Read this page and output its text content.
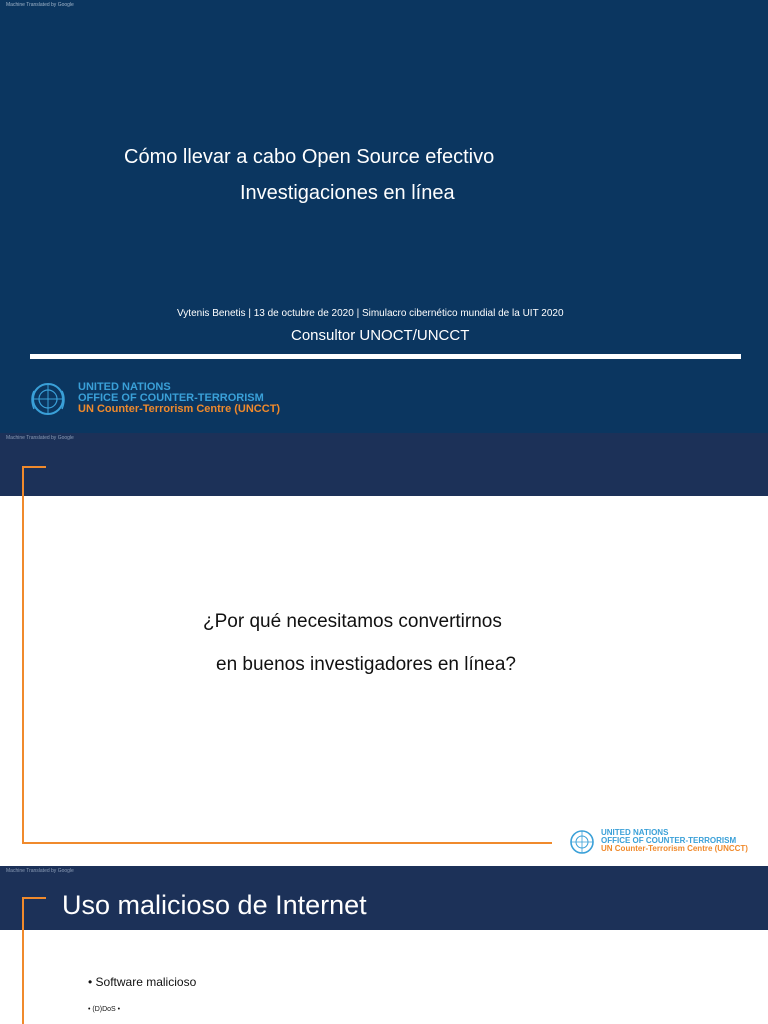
Machine Translated by Google
Cómo llevar a cabo Open Source efectivo
Investigaciones en línea
Vytenis Benetis | 13 de octubre de 2020 | Simulacro cibernético mundial de la UIT 2020
Consultor UNOCT/UNCCT
UNITED NATIONS
OFFICE OF COUNTER-TERRORISM
UN Counter-Terrorism Centre (UNCCT)
Machine Translated by Google
¿Por qué necesitamos convertirnos
en buenos investigadores en línea?
UNITED NATIONS
OFFICE OF COUNTER-TERRORISM
UN Counter-Terrorism Centre (UNCCT)
Machine Translated by Google
Uso malicioso de Internet
• Software malicioso
• (D)DoS •
